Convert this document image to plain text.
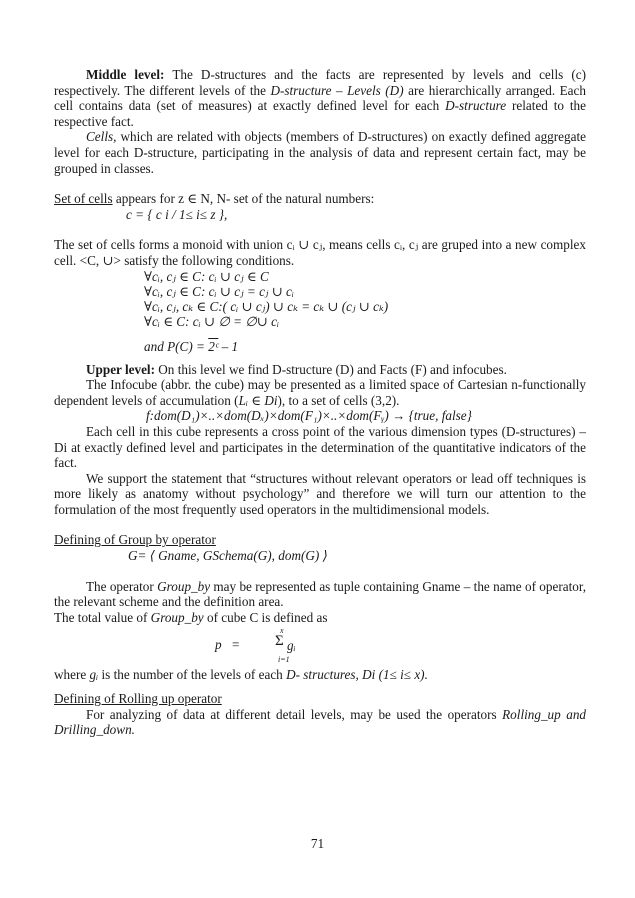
Middle level: The D-structures and the facts are represented by levels and cells (c) respectively. The different levels of the D-structure – Levels (D) are hierarchically arranged. Each cell contains data (set of measures) at exactly defined level for each D-structure related to the respective fact.

Cells, which are related with objects (members of D-structures) on exactly defined aggregate level for each D-structure, participating in the analysis of data and represent certain fact, may be grouped in classes.

Set of cells appears for z ∈ N, N- set of the natural numbers:

c = { c i / 1≤ i≤ z },

The set of cells forms a monoid with union cᵢ ∪ cⱼ, means cells cᵢ, cⱼ are gruped into a new complex cell. <C, ∪> satisfy the following conditions.

∀cᵢ, cⱼ ∈ C: cᵢ ∪ cⱼ ∈ C
∀cᵢ, cⱼ ∈ C: cᵢ ∪ cⱼ = cⱼ ∪ cᵢ
∀cᵢ, cⱼ, cₖ ∈ C:( cᵢ ∪ cⱼ) ∪ cₖ = cₖ ∪ (cⱼ ∪ cₖ)
∀cᵢ ∈ C: cᵢ ∪ ∅ = ∅∪ cᵢ
and P(C) = 2ᶜ – 1

Upper level: On this level we find D-structure (D) and Facts (F) and infocubes.

The Infocube (abbr. the cube) may be presented as a limited space of Cartesian n-functionally dependent levels of accumulation (Lᵢ ∈ Di), to a set of cells (3,2).

f:dom(D₁)×..×dom(Dₓ)×dom(F₁)×..×dom(Fᵧ) → {true, false}

Each cell in this cube represents a cross point of the various dimension types (D-structures) – Di at exactly defined level and participates in the determination of the quantitative indicators of the fact.

We support the statement that “structures without relevant operators or lead off techniques is more likely as anatomy without psychology” and therefore we will turn our attention to the formulation of the most frequently used operators in the multidimensional models.

Defining of Group by operator

G= ⟨ Gname, GSchema(G), dom(G) ⟩

The operator Group_by may be represented as tuple containing Gname – the name of operator, the relevant scheme and the definition area.

The total value of Group_by of cube C is defined as

p =
x
Σ gᵢ
i=1

where gᵢ is the number of the levels of each D- structures, Di (1≤ i≤ x).

Defining of Rolling up operator

For analyzing of data at different detail levels, may be used the operators Rolling_up and Drilling_down.

71
